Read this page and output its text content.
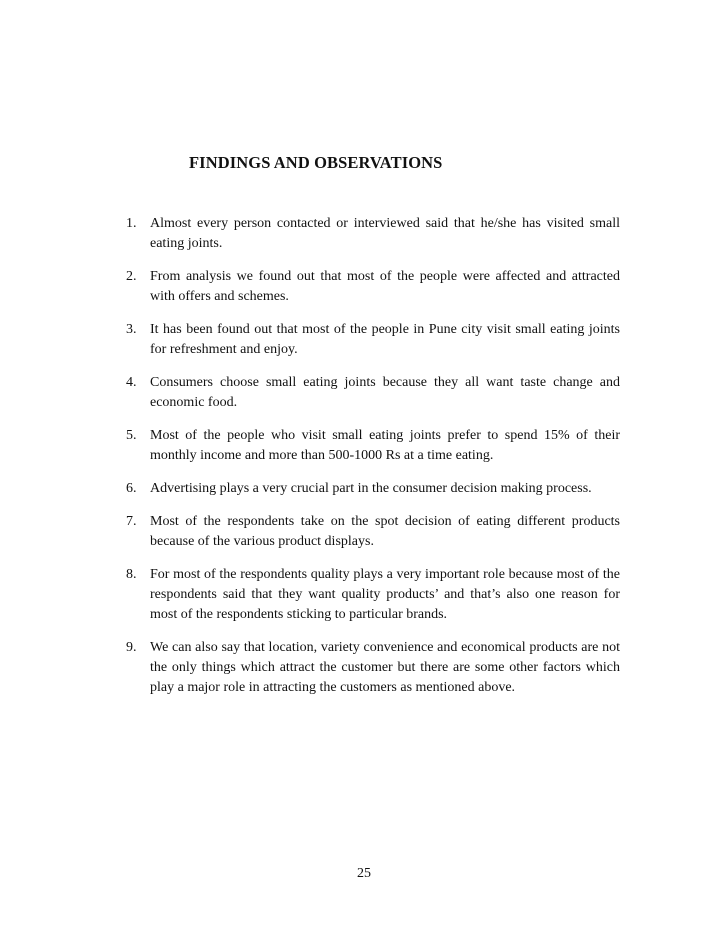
FINDINGS AND OBSERVATIONS
1. Almost every person contacted or interviewed said that he/she has visited small eating joints.
2. From analysis we found out that most of the people were affected and attracted with offers and schemes.
3. It has been found out that most of the people in Pune city visit small eating joints for refreshment and enjoy.
4. Consumers choose small eating joints because they all want taste change and economic food.
5. Most of the people who visit small eating joints prefer to spend 15% of their monthly income and more than 500-1000 Rs at a time eating.
6. Advertising plays a very crucial part in the consumer decision making process.
7. Most of the respondents take on the spot decision of eating different products because of the various product displays.
8. For most of the respondents quality plays a very important role because most of the respondents said that they want quality products’ and that’s also one reason for most of the respondents sticking to particular brands.
9. We can also say that location, variety convenience and economical products are not the only things which attract the customer but there are some other factors which play a major role in attracting the customers as mentioned above.
25
